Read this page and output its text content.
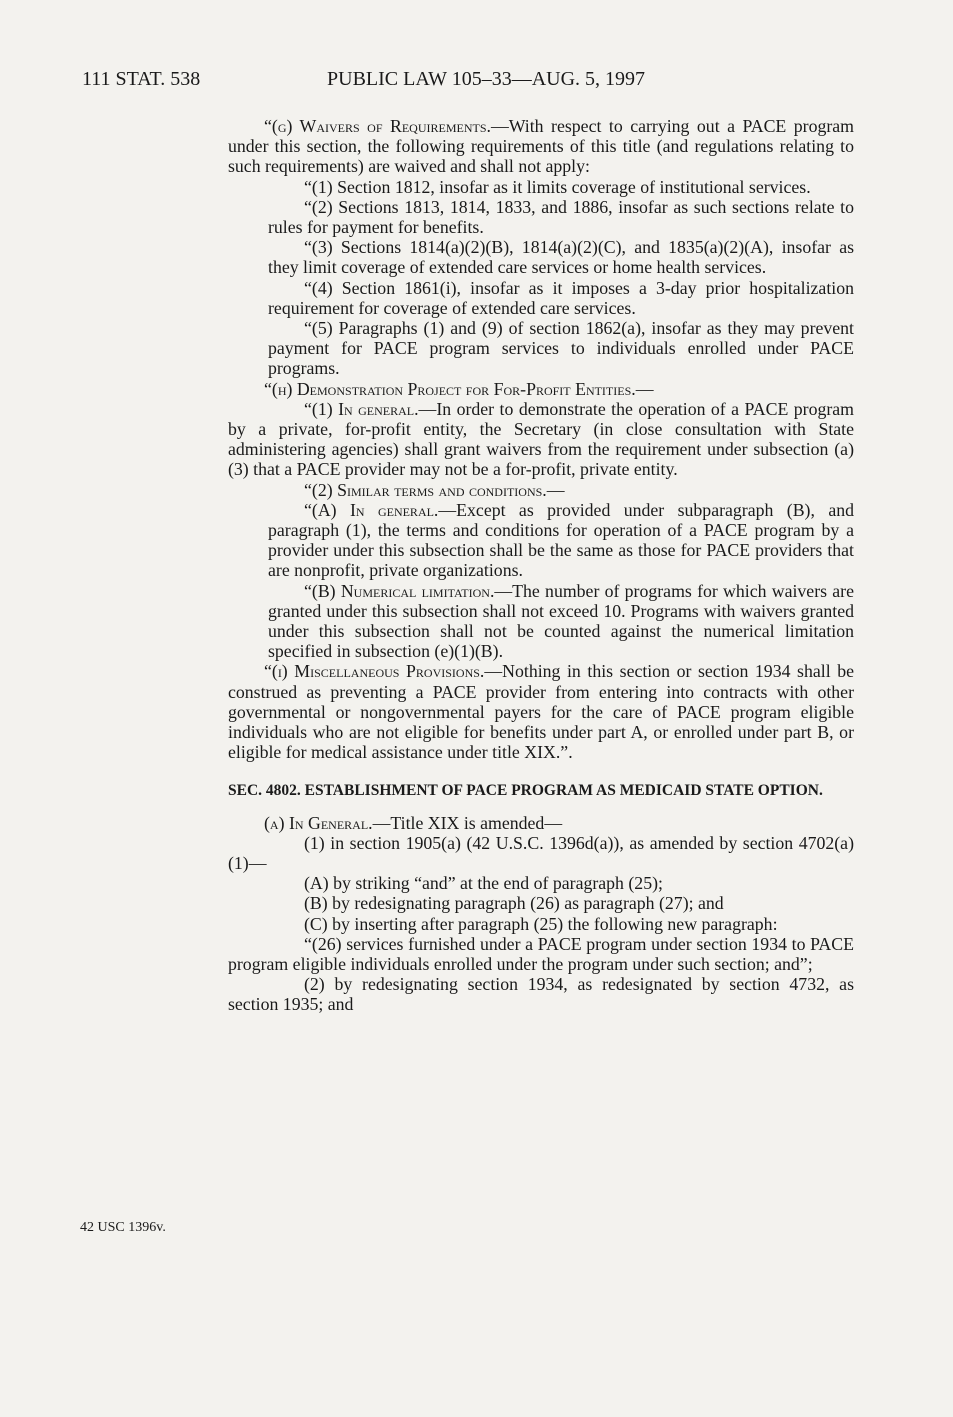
111 STAT. 538	PUBLIC LAW 105–33—AUG. 5, 1997

“(g) Waivers of Requirements.—With respect to carrying out a PACE program under this section, the following requirements of this title (and regulations relating to such requirements) are waived and shall not apply:

“(1) Section 1812, insofar as it limits coverage of institutional services.

“(2) Sections 1813, 1814, 1833, and 1886, insofar as such sections relate to rules for payment for benefits.

“(3) Sections 1814(a)(2)(B), 1814(a)(2)(C), and 1835(a)(2)(A), insofar as they limit coverage of extended care services or home health services.

“(4) Section 1861(i), insofar as it imposes a 3-day prior hospitalization requirement for coverage of extended care services.

“(5) Paragraphs (1) and (9) of section 1862(a), insofar as they may prevent payment for PACE program services to individuals enrolled under PACE programs.

“(h) Demonstration Project for For-Profit Entities.—

“(1) In general.—In order to demonstrate the operation of a PACE program by a private, for-profit entity, the Secretary (in close consultation with State administering agencies) shall grant waivers from the requirement under subsection (a)(3) that a PACE provider may not be a for-profit, private entity.

“(2) Similar terms and conditions.—

“(A) In general.—Except as provided under subparagraph (B), and paragraph (1), the terms and conditions for operation of a PACE program by a provider under this subsection shall be the same as those for PACE providers that are nonprofit, private organizations.

“(B) Numerical limitation.—The number of programs for which waivers are granted under this subsection shall not exceed 10. Programs with waivers granted under this subsection shall not be counted against the numerical limitation specified in subsection (e)(1)(B).

“(i) Miscellaneous Provisions.—Nothing in this section or section 1934 shall be construed as preventing a PACE provider from entering into contracts with other governmental or nongovernmental payers for the care of PACE program eligible individuals who are not eligible for benefits under part A, or enrolled under part B, or eligible for medical assistance under title XIX.”.

SEC. 4802. ESTABLISHMENT OF PACE PROGRAM AS MEDICAID STATE OPTION.

(a) In General.—Title XIX is amended—

(1) in section 1905(a) (42 U.S.C. 1396d(a)), as amended by section 4702(a)(1)—

(A) by striking “and” at the end of paragraph (25);

(B) by redesignating paragraph (26) as paragraph (27); and

(C) by inserting after paragraph (25) the following new paragraph:

“(26) services furnished under a PACE program under section 1934 to PACE program eligible individuals enrolled under the program under such section; and”;

(2) by redesignating section 1934, as redesignated by section 4732, as section 1935; and

42 USC 1396v.
